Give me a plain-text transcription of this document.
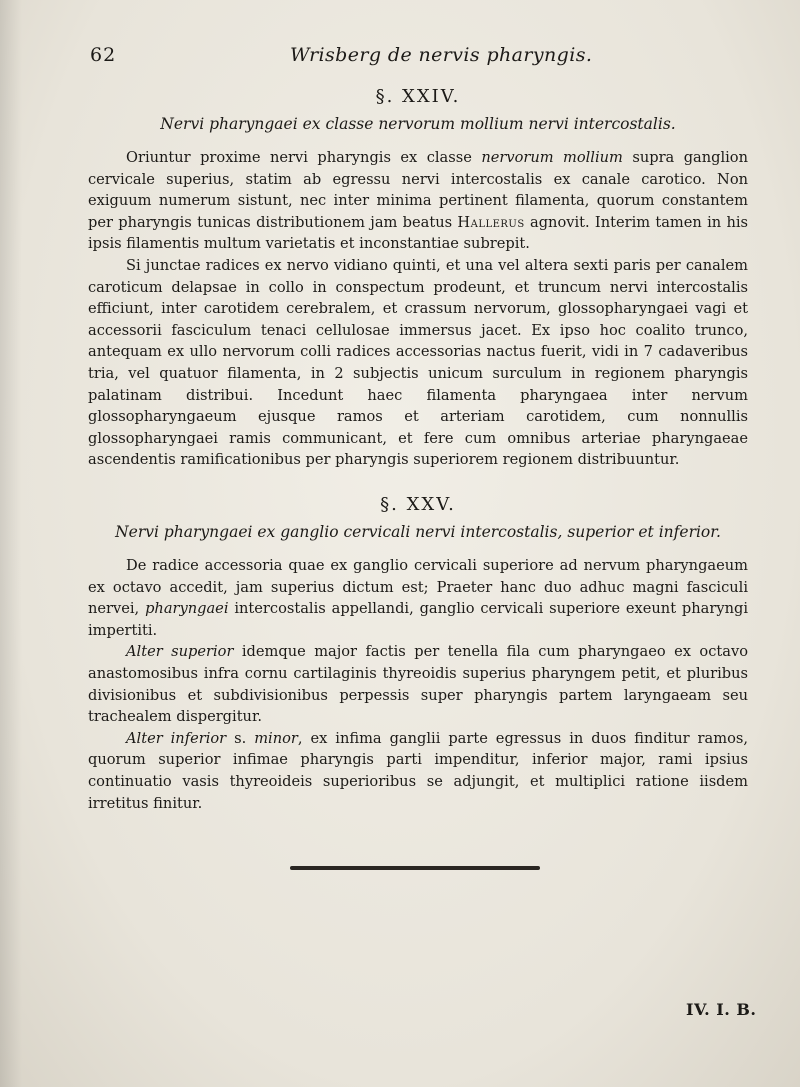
62	Wrisberg de nervis pharyngis.
§. XXIV.
Nervi pharyngaei ex classe nervorum mollium nervi intercostalis.

Oriuntur proxime nervi pharyngis ex classe nervorum mollium supra ganglion cervicale superius, statim ab egressu nervi intercostalis ex canale carotico. Non exiguum numerum sistunt, nec inter minima pertinent filamenta, quorum constantem per pharyngis tunicas distributionem jam beatus Hallerus agnovit. Interim tamen in his ipsis filamentis multum varietatis et inconstantiae subrepit.

Si junctae radices ex nervo vidiano quinti, et una vel altera sexti paris per canalem caroticum delapsae in collo in conspectum prodeunt, et truncum nervi intercostalis efficiunt, inter carotidem cerebralem, et crassum nervorum, glossopharyngaei vagi et accessorii fasciculum tenaci cellulosae immersus jacet. Ex ipso hoc coalito trunco, antequam ex ullo nervorum colli radices accessorias nactus fuerit, vidi in 7 cadaveribus tria, vel quatuor filamenta, in 2 subjectis unicum surculum in regionem pharyngis palatinam distribui. Incedunt haec filamenta pharyngaea inter nervum glossopharyngaeum ejusque ramos et arteriam carotidem, cum nonnullis glossopharyngaei ramis communicant, et fere cum omnibus arteriae pharyngaeae ascendentis ramificationibus per pharyngis superiorem regionem distribuuntur.

§. XXV.
Nervi pharyngaei ex ganglio cervicali nervi intercostalis, superior et inferior.

De radice accessoria quae ex ganglio cervicali superiore ad nervum pharyngaeum ex octavo accedit, jam superius dictum est; Praeter hanc duo adhuc magni fasciculi nervei, pharyngaei intercostalis appellandi, ganglio cervicali superiore exeunt pharyngi impertiti.

Alter superior idemque major factis per tenella fila cum pharyngaeo ex octavo anastomosibus infra cornu cartilaginis thyreoidis superius pharyngem petit, et pluribus divisionibus et subdivisionibus perpessis super pharyngis partem laryngaeam seu trachealem dispergitur.

Alter inferior s. minor, ex infima ganglii parte egressus in duos finditur ramos, quorum superior infimae pharyngis parti impenditur, inferior major, rami ipsius continuatio vasis thyreoideis superioribus se adjungit, et multiplici ratione iisdem irretitus finitur.

IV. I. B.
